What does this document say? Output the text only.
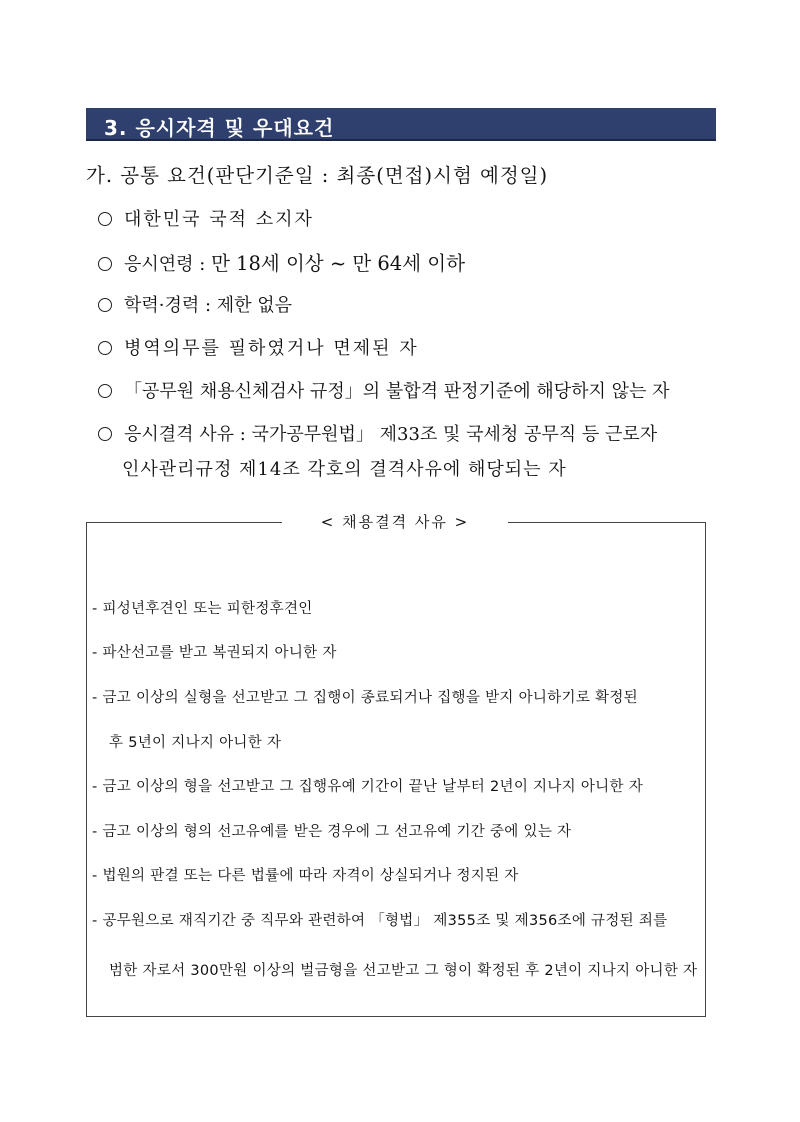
3. 응시자격 및 우대요건
가. 공통 요건(판단기준일 : 최종(면접)시험 예정일)
대한민국 국적 소지자
응시연령 : 만 18세 이상 ~ 만 64세 이하
학력·경력 : 제한 없음
병역의무를 필하였거나 면제된 자
「공무원 채용신체검사 규정」의 불합격 판정기준에 해당하지 않는 자
응시결격 사유 : 국가공무원법」 제33조 및 국세청 공무직 등 근로자
인사관리규정 제14조 각호의 결격사유에 해당되는 자
< 채용결격 사유 >
- 피성년후견인 또는 피한정후견인
- 파산선고를 받고 복권되지 아니한 자
- 금고 이상의 실형을 선고받고 그 집행이 종료되거나 집행을 받지 아니하기로 확정된
후 5년이 지나지 아니한 자
- 금고 이상의 형을 선고받고 그 집행유예 기간이 끝난 날부터 2년이 지나지 아니한 자
- 금고 이상의 형의 선고유예를 받은 경우에 그 선고유예 기간 중에 있는 자
- 법원의 판결 또는 다른 법률에 따라 자격이 상실되거나 정지된 자
- 공무원으로 재직기간 중 직무와 관련하여 「형법」 제355조 및 제356조에 규정된 죄를
범한 자로서 300만원 이상의 벌금형을 선고받고 그 형이 확정된 후 2년이 지나지 아니한 자
